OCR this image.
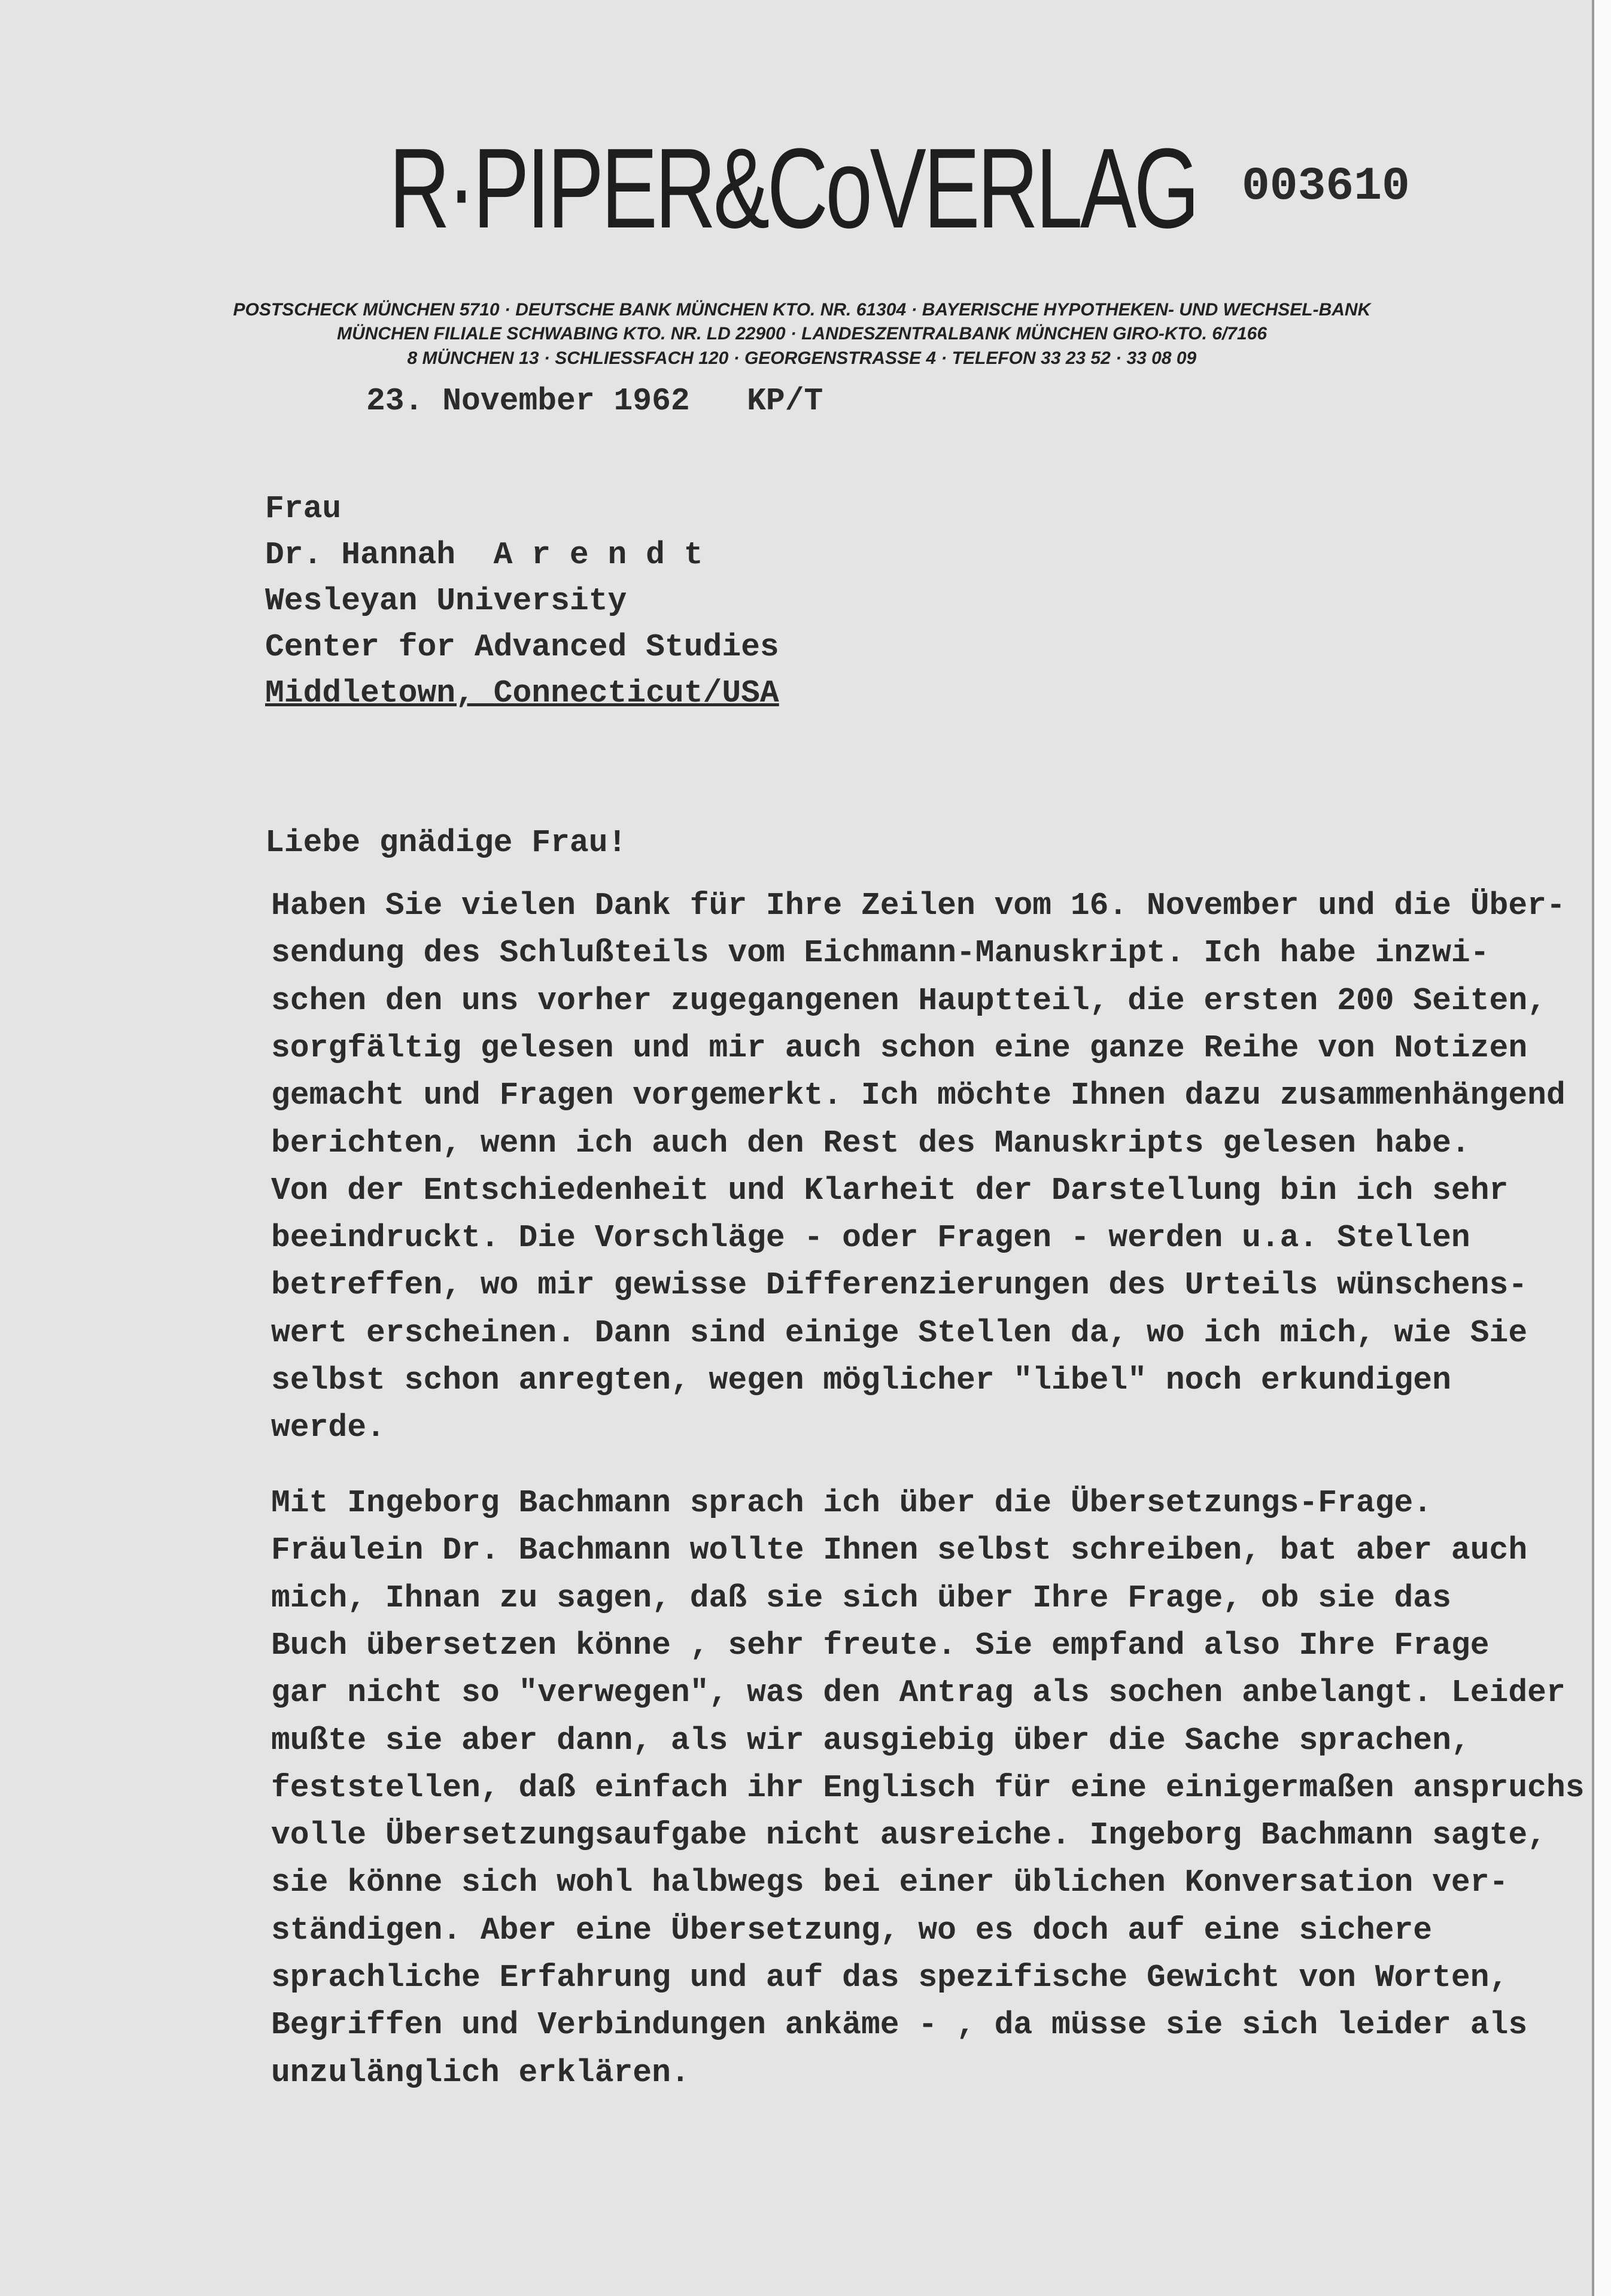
R·PIPER&CoVERLAG 003610
POSTSCHECK MÜNCHEN 5710 · DEUTSCHE BANK MÜNCHEN KTO. NR. 61304 · BAYERISCHE HYPOTHEKEN- UND WECHSEL-BANK
MÜNCHEN FILIALE SCHWABING KTO. NR. LD 22900 · LANDESZENTRALBANK MÜNCHEN GIRO-KTO. 6/7166
8 MÜNCHEN 13 · SCHLIESSFACH 120 · GEORGENSTRASSE 4 · TELEFON 33 23 52 · 33 08 09
23. November 1962   KP/T
Frau
Dr. Hannah  A r e n d t
Wesleyan University
Center for Advanced Studies
Middletown, Connecticut/USA
Liebe gnädige Frau!
Haben Sie vielen Dank für Ihre Zeilen vom 16. November und die Über-
sendung des Schlußteils vom Eichmann-Manuskript. Ich habe inzwi-
schen den uns vorher zugegangenen Hauptteil, die ersten 200 Seiten,
sorgfältig gelesen und mir auch schon eine ganze Reihe von Notizen
gemacht und Fragen vorgemerkt. Ich möchte Ihnen dazu zusammenhängend
berichten, wenn ich auch den Rest des Manuskripts gelesen habe.
Von der Entschiedenheit und Klarheit der Darstellung bin ich sehr
beeindruckt. Die Vorschläge - oder Fragen - werden u.a. Stellen
betreffen, wo mir gewisse Differenzierungen des Urteils wünschens-
wert erscheinen. Dann sind einige Stellen da, wo ich mich, wie Sie
selbst schon anregten, wegen möglicher "libel" noch erkundigen
werde.
Mit Ingeborg Bachmann sprach ich über die Übersetzungs-Frage.
Fräulein Dr. Bachmann wollte Ihnen selbst schreiben, bat aber auch
mich, Ihnan zu sagen, daß sie sich über Ihre Frage, ob sie das
Buch übersetzen könne , sehr freute. Sie empfand also Ihre Frage
gar nicht so "verwegen", was den Antrag als sochen anbelangt. Leider
mußte sie aber dann, als wir ausgiebig über die Sache sprachen,
feststellen, daß einfach ihr Englisch für eine einigermaßen anspruchs
volle Übersetzungsaufgabe nicht ausreiche. Ingeborg Bachmann sagte,
sie könne sich wohl halbwegs bei einer üblichen Konversation ver-
ständigen. Aber eine Übersetzung, wo es doch auf eine sichere
sprachliche Erfahrung und auf das spezifische Gewicht von Worten,
Begriffen und Verbindungen ankäme - , da müsse sie sich leider als
unzulänglich erklären.
